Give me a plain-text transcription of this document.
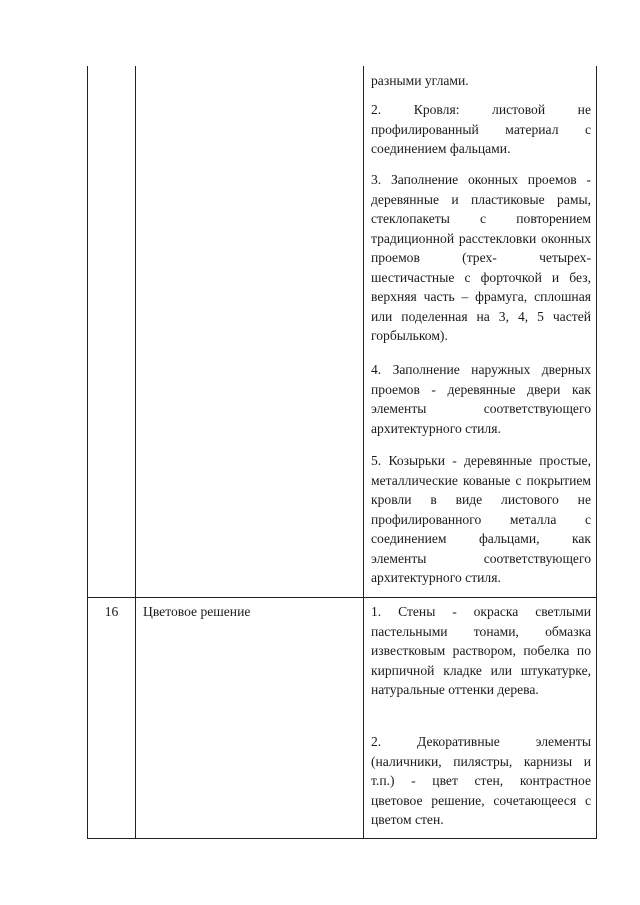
разными углами.
2. Кровля: листовой не профилированный материал с соединением фальцами.
3. Заполнение оконных проемов - деревянные и пластиковые рамы, стеклопакеты с повторением традиционной расстекловки оконных проемов (трех- четырех-шестичастные с форточкой и без, верхняя часть – фрамуга, сплошная или поделенная на 3, 4, 5 частей горбыльком).
4. Заполнение наружных дверных проемов - деревянные двери как элементы соответствующего архитектурного стиля.
5. Козырьки - деревянные простые, металлические кованые с покрытием кровли в виде листового не профилированного металла с соединением фальцами, как элементы соответствующего архитектурного стиля.
16	Цветовое решение	1. Стены - окраска светлыми пастельными тонами, обмазка известковым раствором, побелка по кирпичной кладке или штукатурке, натуральные оттенки дерева.
2. Декоративные элементы (наличники, пилястры, карнизы и т.п.) - цвет стен, контрастное цветовое решение, сочетающееся с цветом стен.
